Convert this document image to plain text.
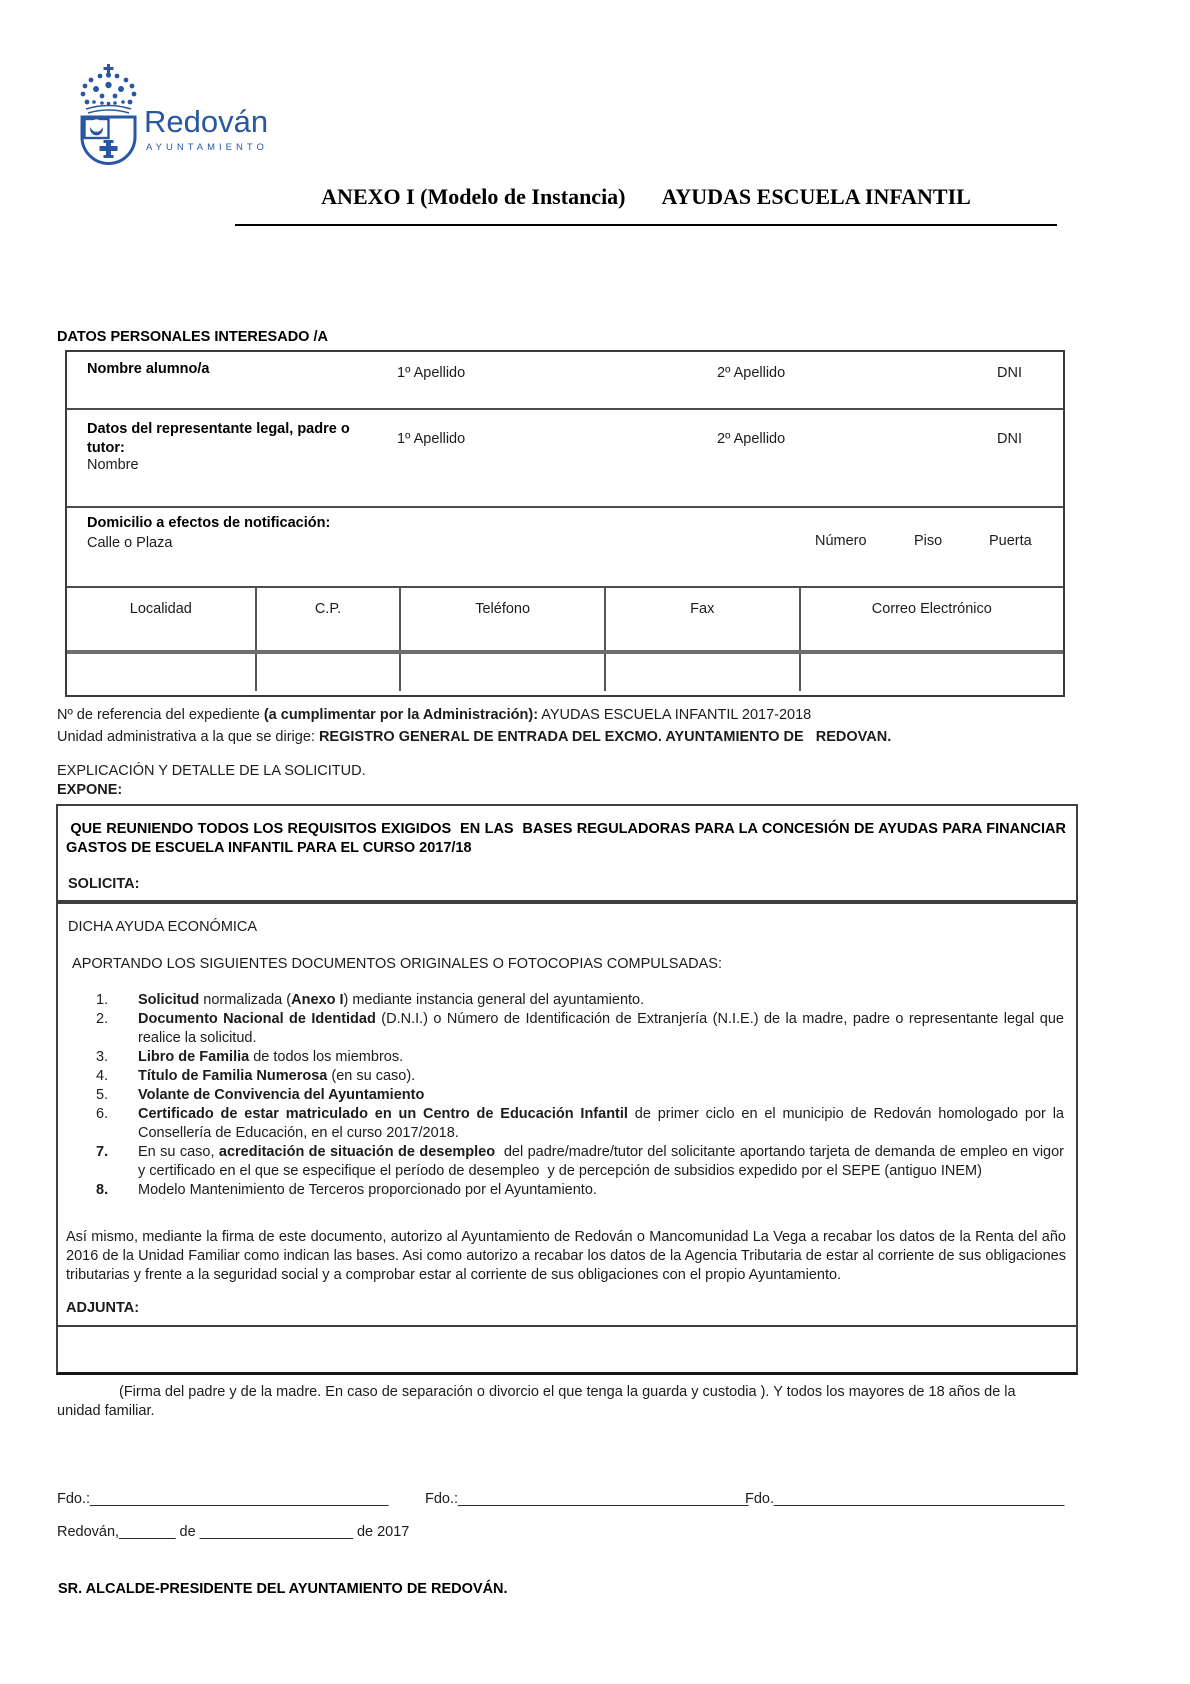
Redován
AYUNTAMIENTO
ANEXO I (Modelo de Instancia) AYUDAS ESCUELA INFANTIL
DATOS PERSONALES INTERESADO /A
Nombre alumno/a	1º Apellido	2º Apellido	DNI
Datos del representante legal, padre o tutor:
Nombre
1º Apellido	2º Apellido	DNI
Domicilio a efectos de notificación:
Calle o Plaza	Número	Piso	Puerta
Localidad	C.P.	Teléfono	Fax	Correo Electrónico
Nº de referencia del expediente (a cumplimentar por la Administración): AYUDAS ESCUELA INFANTIL 2017-2018
Unidad administrativa a la que se dirige: REGISTRO GENERAL DE ENTRADA DEL EXCMO. AYUNTAMIENTO DE   REDOVAN.
EXPLICACIÓN Y DETALLE DE LA SOLICITUD.
EXPONE:
QUE REUNIENDO TODOS LOS REQUISITOS EXIGIDOS  EN LAS  BASES REGULADORAS PARA LA CONCESIÓN DE AYUDAS PARA FINANCIAR GASTOS DE ESCUELA INFANTIL PARA EL CURSO 2017/18
SOLICITA:
DICHA AYUDA ECONÓMICA
APORTANDO LOS SIGUIENTES DOCUMENTOS ORIGINALES O FOTOCOPIAS COMPULSADAS:
1.	Solicitud normalizada (Anexo I) mediante instancia general del ayuntamiento.
2.	Documento Nacional de Identidad (D.N.I.) o Número de Identificación de Extranjería (N.I.E.) de la madre, padre o representante legal que realice la solicitud.
3.	Libro de Familia de todos los miembros.
4.	Título de Familia Numerosa (en su caso).
5.	Volante de Convivencia del Ayuntamiento
6.	Certificado de estar matriculado en un Centro de Educación Infantil de primer ciclo en el municipio de Redován homologado por la Consellería de Educación, en el curso 2017/2018.
7.	En su caso, acreditación de situación de desempleo  del padre/madre/tutor del solicitante aportando tarjeta de demanda de empleo en vigor y certificado en el que se especifique el período de desempleo  y de percepción de subsidios expedido por el SEPE (antiguo INEM)
8.	Modelo Mantenimiento de Terceros proporcionado por el Ayuntamiento.
Así mismo, mediante la firma de este documento, autorizo al Ayuntamiento de Redován o Mancomunidad La Vega a recabar los datos de la Renta del año 2016 de la Unidad Familiar como indican las bases. Asi como autorizo a recabar los datos de la Agencia Tributaria de estar al corriente de sus obligaciones tributarias y frente a la seguridad social y a comprobar estar al corriente de sus obligaciones con el propio Ayuntamiento.
ADJUNTA:
(Firma del padre y de la madre. En caso de separación o divorcio el que tenga la guarda y custodia ). Y todos los mayores de 18 años de la unidad familiar.
Fdo.:_____________________________________	Fdo.:____________________________________
Fdo.____________________________________
Redován,_______ de ___________________ de 2017
SR. ALCALDE-PRESIDENTE DEL AYUNTAMIENTO DE REDOVÁN.
